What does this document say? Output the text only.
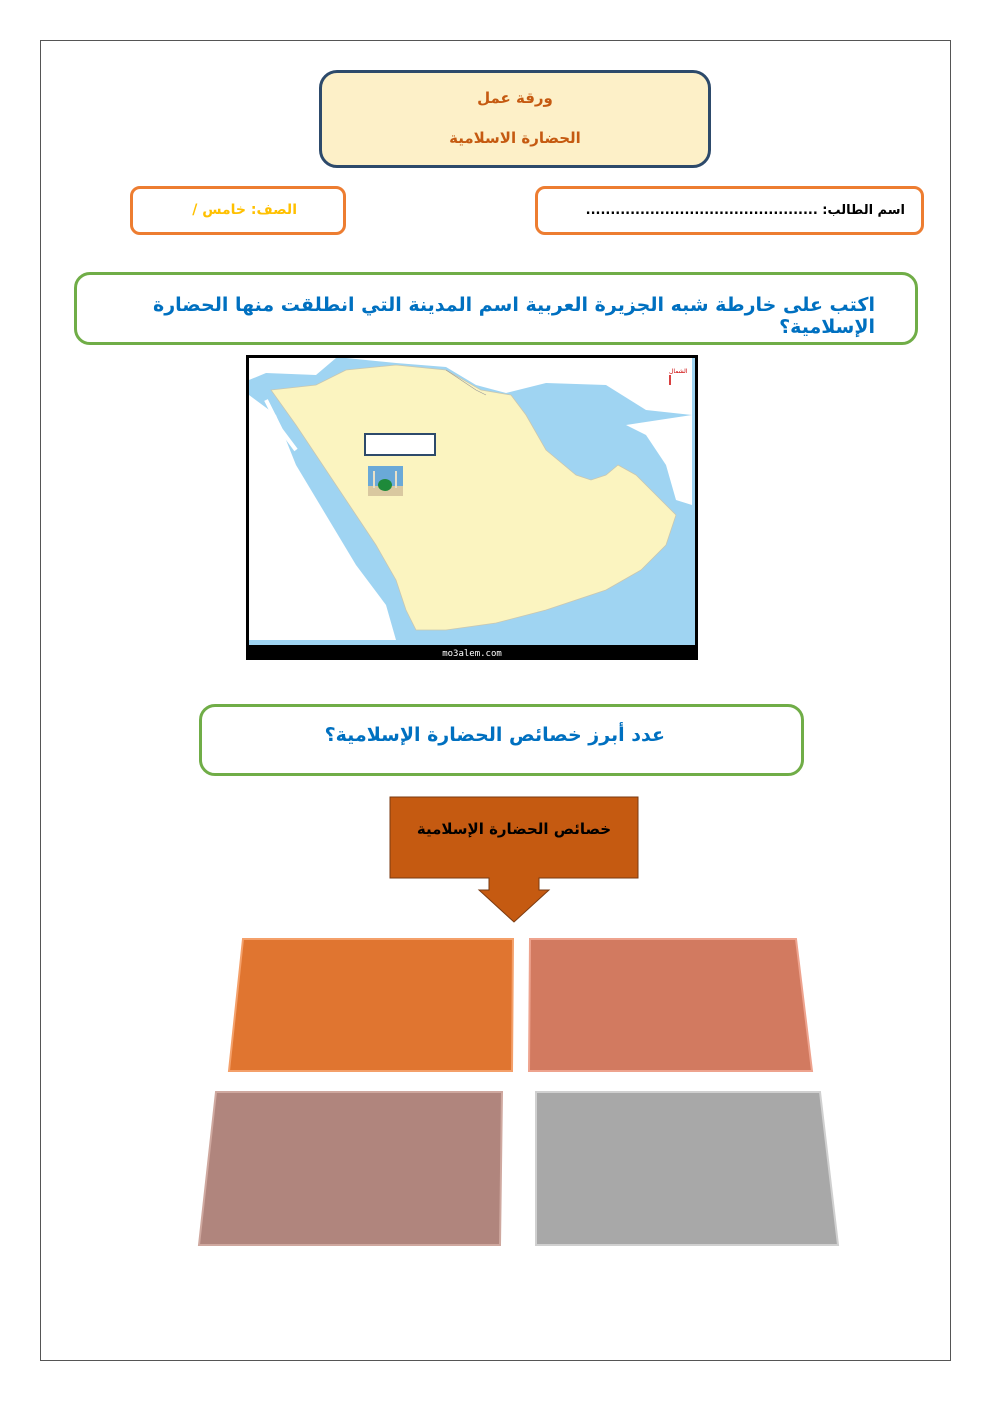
ورقة عمل
الحضارة الاسلامية
اسم الطالب: ...............................................
الصف: خامس /
اكتب على خارطة شبه الجزيرة العربية اسم المدينة التي انطلقت منها الحضارة الإسلامية؟
الشمال
mo3alem.com
عدد أبرز خصائص الحضارة الإسلامية؟
خصائص الحضارة الإسلامية
